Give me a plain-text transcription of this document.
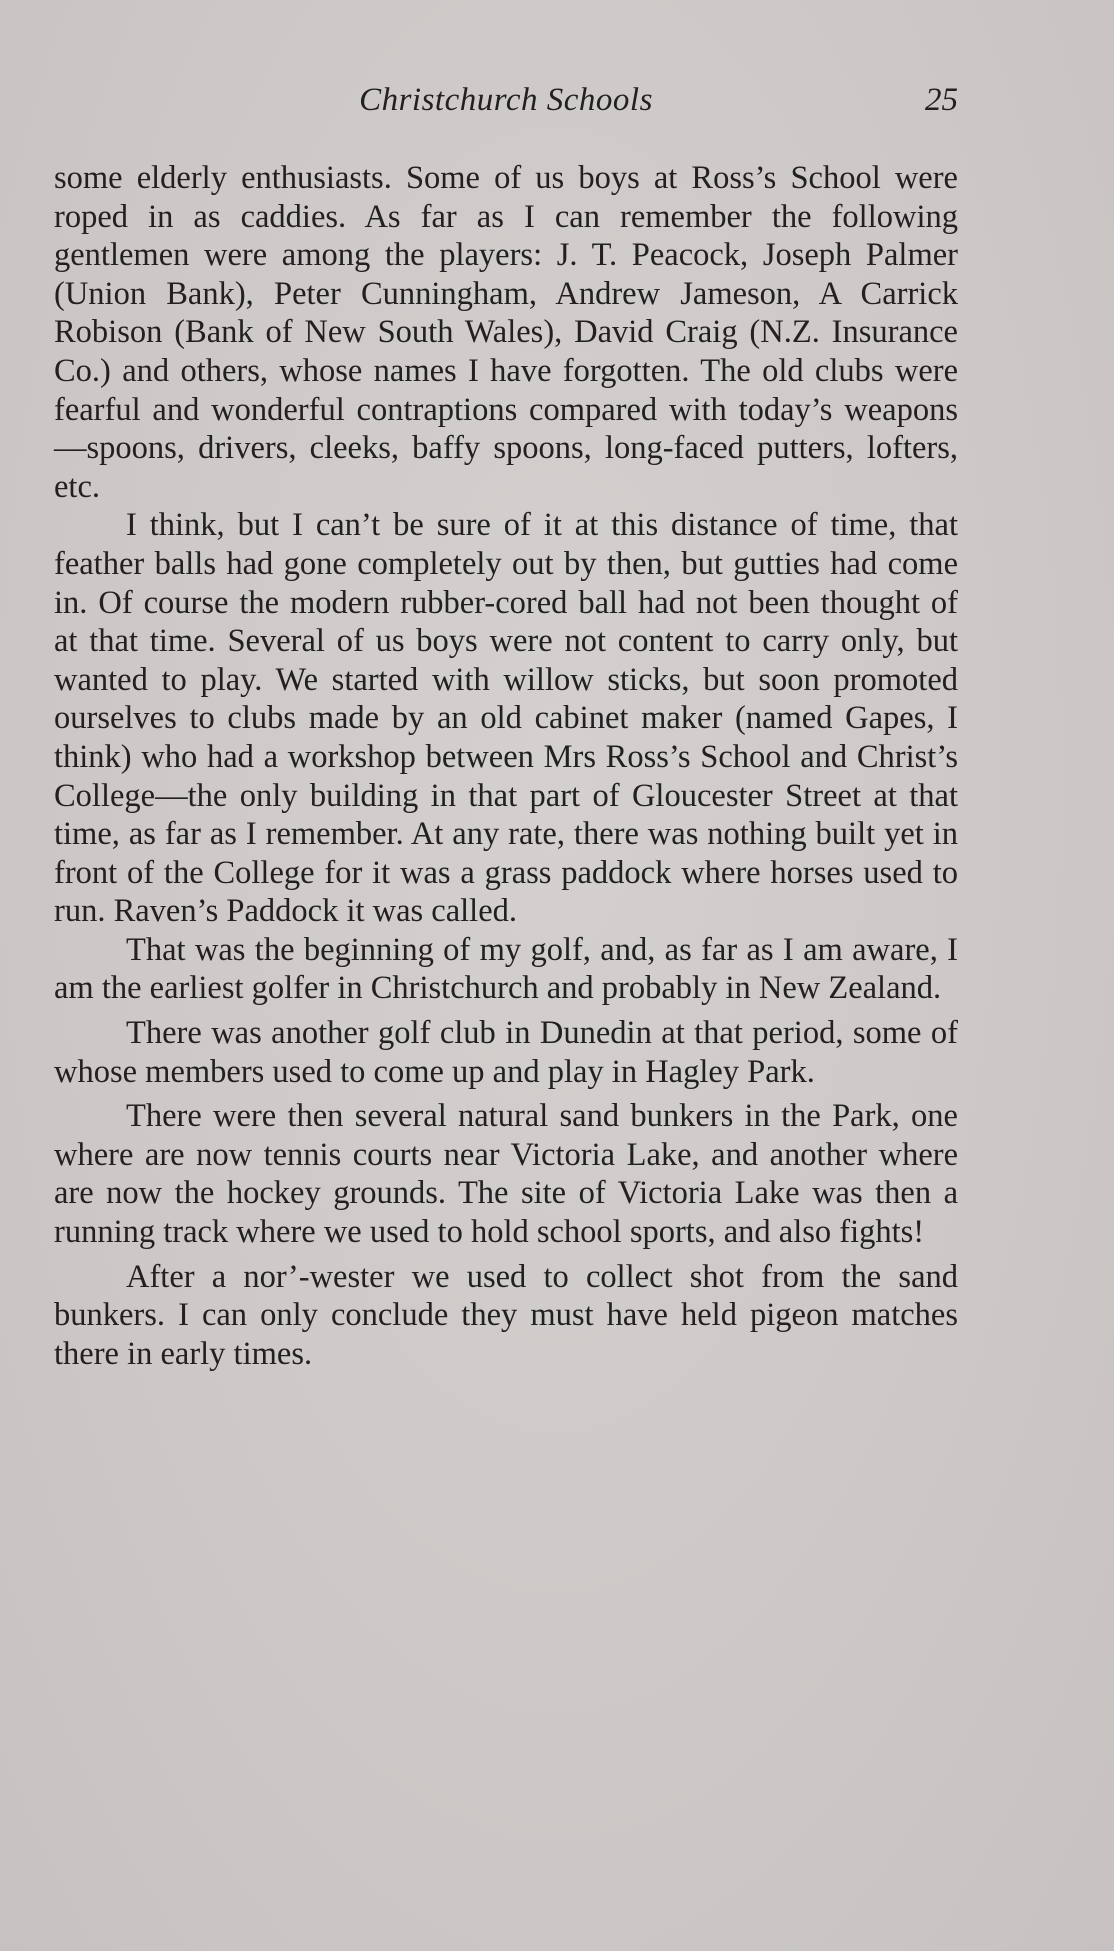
Christchurch Schools	25

some elderly enthusiasts. Some of us boys at Ross’s School were roped in as caddies. As far as I can remember the following gentlemen were among the players: J. T. Peacock, Joseph Palmer (Union Bank), Peter Cunningham, Andrew Jameson, A Carrick Robison (Bank of New South Wales), David Craig (N.Z. Insurance Co.) and others, whose names I have forgotten. The old clubs were fearful and wonderful contraptions compared with today’s weapons—spoons, drivers, cleeks, baffy spoons, long-faced putters, lofters, etc.

I think, but I can’t be sure of it at this distance of time, that feather balls had gone completely out by then, but gutties had come in. Of course the modern rubber-cored ball had not been thought of at that time. Several of us boys were not content to carry only, but wanted to play. We started with willow sticks, but soon promoted ourselves to clubs made by an old cabinet maker (named Gapes, I think) who had a workshop between Mrs Ross’s School and Christ’s College—the only building in that part of Gloucester Street at that time, as far as I remember. At any rate, there was nothing built yet in front of the College for it was a grass paddock where horses used to run. Raven’s Paddock it was called.

That was the beginning of my golf, and, as far as I am aware, I am the earliest golfer in Christchurch and probably in New Zealand.

There was another golf club in Dunedin at that period, some of whose members used to come up and play in Hagley Park.

There were then several natural sand bunkers in the Park, one where are now tennis courts near Victoria Lake, and another where are now the hockey grounds. The site of Victoria Lake was then a running track where we used to hold school sports, and also fights!

After a nor’-wester we used to collect shot from the sand bunkers. I can only conclude they must have held pigeon matches there in early times.
